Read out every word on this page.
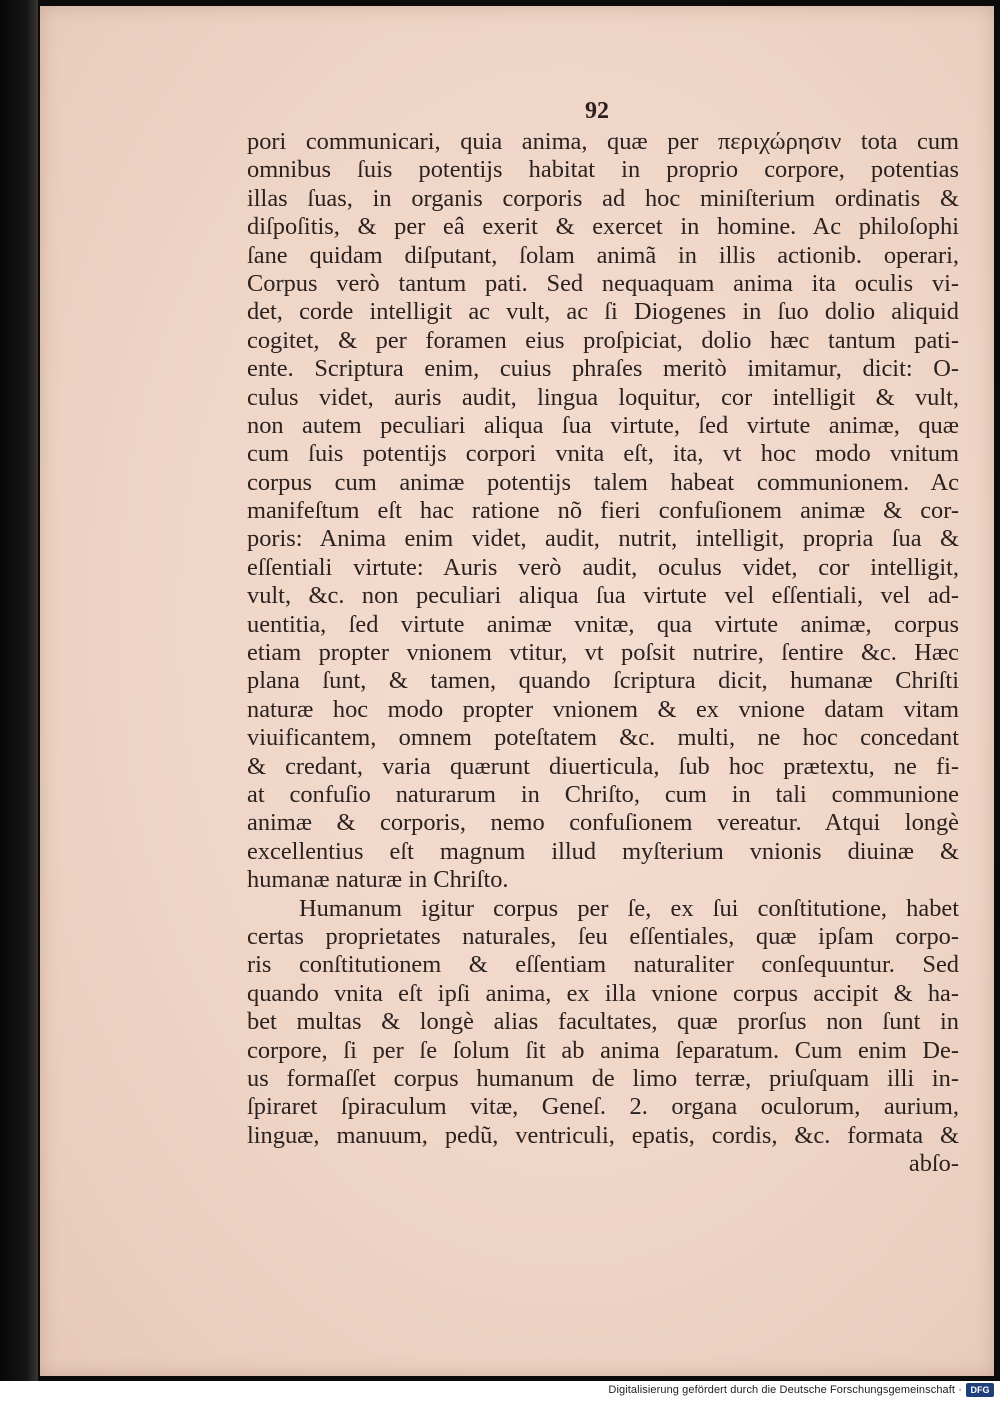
92
pori communicari, quia anima, quæ per περιχώρησιν tota cum
omnibus ſuis potentijs habitat in proprio corpore, potentias
illas ſuas, in organis corporis ad hoc miniſterium ordinatis &
diſpoſitis, & per eâ exerit & exercet in homine. Ac philoſophi
ſane quidam diſputant, ſolam animã in illis actionib. operari,
Corpus verò tantum pati. Sed nequaquam anima ita oculis vi-
det, corde intelligit ac vult, ac ſi Diogenes in ſuo dolio aliquid
cogitet, & per foramen eius proſpiciat, dolio hæc tantum pati-
ente. Scriptura enim, cuius phraſes meritò imitamur, dicit: O-
culus videt, auris audit, lingua loquitur, cor intelligit & vult,
non autem peculiari aliqua ſua virtute, ſed virtute animæ, quæ
cum ſuis potentijs corpori vnita eſt, ita, vt hoc modo vnitum
corpus cum animæ potentijs talem habeat communionem. Ac
manifeſtum eſt hac ratione nõ fieri confuſionem animæ & cor-
poris: Anima enim videt, audit, nutrit, intelligit, propria ſua &
eſſentiali virtute: Auris verò audit, oculus videt, cor intelligit,
vult, &c. non peculiari aliqua ſua virtute vel eſſentiali, vel ad-
uentitia, ſed virtute animæ vnitæ, qua virtute animæ, corpus
etiam propter vnionem vtitur, vt poſsit nutrire, ſentire &c. Hæc
plana ſunt, & tamen, quando ſcriptura dicit, humanæ Chriſti
naturæ hoc modo propter vnionem & ex vnione datam vitam
viuificantem, omnem poteſtatem &c. multi, ne hoc concedant
& credant, varia quærunt diuerticula, ſub hoc prætextu, ne fi-
at confuſio naturarum in Chriſto, cum in tali communione
animæ & corporis, nemo confuſionem vereatur. Atqui longè
excellentius eſt magnum illud myſterium vnionis diuinæ &
humanæ naturæ in Chriſto.
Humanum igitur corpus per ſe, ex ſui conſtitutione, habet
certas proprietates naturales, ſeu eſſentiales, quæ ipſam corpo-
ris conſtitutionem & eſſentiam naturaliter conſequuntur. Sed
quando vnita eſt ipſi anima, ex illa vnione corpus accipit & ha-
bet multas & longè alias facultates, quæ prorſus non ſunt in
corpore, ſi per ſe ſolum ſit ab anima ſeparatum. Cum enim De-
us formaſſet corpus humanum de limo terræ, priuſquam illi in-
ſpiraret ſpiraculum vitæ, Geneſ. 2. organa oculorum, aurium,
linguæ, manuum, pedũ, ventriculi, epatis, cordis, &c. formata &
abſo-
Digitalisierung gefördert durch die Deutsche Forschungsgemeinschaft · DFG
